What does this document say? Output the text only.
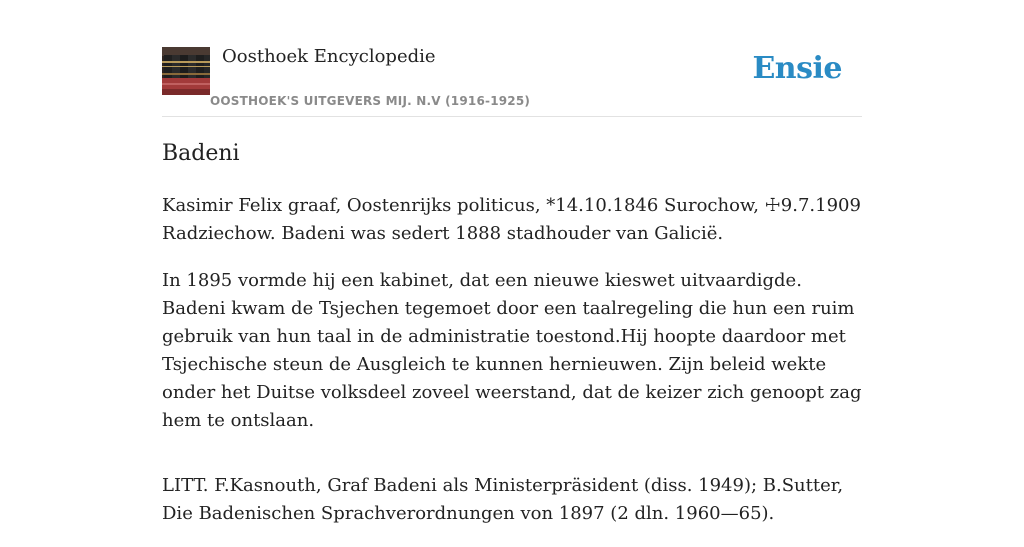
Oosthoek Encyclopedie
OOSTHOEK'S UITGEVERS MIJ. N.V (1916-1925)
Ensie
Badeni

Kasimir Felix graaf, Oostenrijks politicus, *14.10.1846 Surochow, ☩9.7.1909 Radziechow. Badeni was sedert 1888 stadhouder van Galicië.

In 1895 vormde hij een kabinet, dat een nieuwe kieswet uitvaardigde. Badeni kwam de Tsjechen tegemoet door een taalregeling die hun een ruim gebruik van hun taal in de administratie toestond.Hij hoopte daardoor met Tsjechische steun de Ausgleich te kunnen hernieuwen. Zijn beleid wekte onder het Duitse volksdeel zoveel weerstand, dat de keizer zich genoopt zag hem te ontslaan.

LITT. F.Kasnouth, Graf Badeni als Ministerpräsident (diss. 1949); B.Sutter, Die Badenischen Sprachverordnungen von 1897 (2 dln. 1960—65).
